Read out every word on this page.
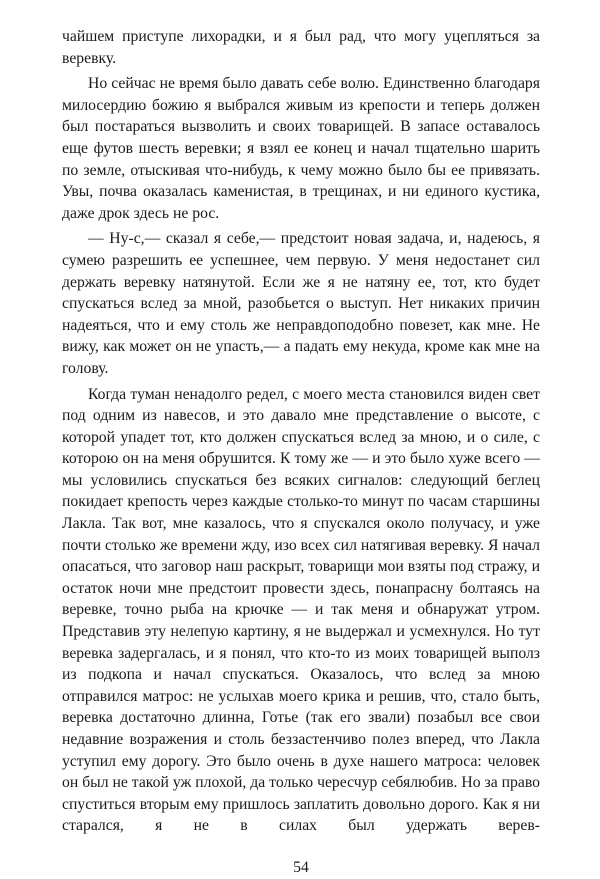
чайшем приступе лихорадки, и я был рад, что могу уцепляться за веревку.

Но сейчас не время было давать себе волю. Единственно благодаря милосердию божию я выбрался живым из крепости и теперь должен был постараться вызволить и своих товарищей. В запасе оставалось еще футов шесть веревки; я взял ее конец и начал тщательно шарить по земле, отыскивая что-нибудь, к чему можно было бы ее привязать. Увы, почва оказалась каменистая, в трещинах, и ни единого кустика, даже дрок здесь не рос.

— Ну-с,— сказал я себе,— предстоит новая задача, и, надеюсь, я сумею разрешить ее успешнее, чем первую. У меня недостанет сил держать веревку натянутой. Если же я не натяну ее, тот, кто будет спускаться вслед за мной, разобьется о выступ. Нет никаких причин надеяться, что и ему столь же неправдоподобно повезет, как мне. Не вижу, как может он не упасть,— а падать ему некуда, кроме как мне на голову.

Когда туман ненадолго редел, с моего места становился виден свет под одним из навесов, и это давало мне представление о высоте, с которой упадет тот, кто должен спускаться вслед за мною, и о силе, с которою он на меня обрушится. К тому же — и это было хуже всего — мы условились спускаться без всяких сигналов: следующий беглец покидает крепость через каждые столько-то минут по часам старшины Лакла. Так вот, мне казалось, что я спускался около получасу, и уже почти столько же времени жду, изо всех сил натягивая веревку. Я начал опасаться, что заговор наш раскрыт, товарищи мои взяты под стражу, и остаток ночи мне предстоит провести здесь, понапрасну болтаясь на веревке, точно рыба на крючке — и так меня и обнаружат утром. Представив эту нелепую картину, я не выдержал и усмехнулся. Но тут веревка задергалась, и я понял, что кто-то из моих товарищей выполз из подкопа и начал спускаться. Оказалось, что вслед за мною отправился матрос: не услыхав моего крика и решив, что, стало быть, веревка достаточно длинна, Готье (так его звали) позабыл все свои недавние возражения и столь беззастенчиво полез вперед, что Лакла уступил ему дорогу. Это было очень в духе нашего матроса: человек он был не такой уж плохой, да только чересчур себялюбив. Но за право спуститься вторым ему пришлось заплатить довольно дорого. Как я ни старался, я не в силах был удержать верев-

54
